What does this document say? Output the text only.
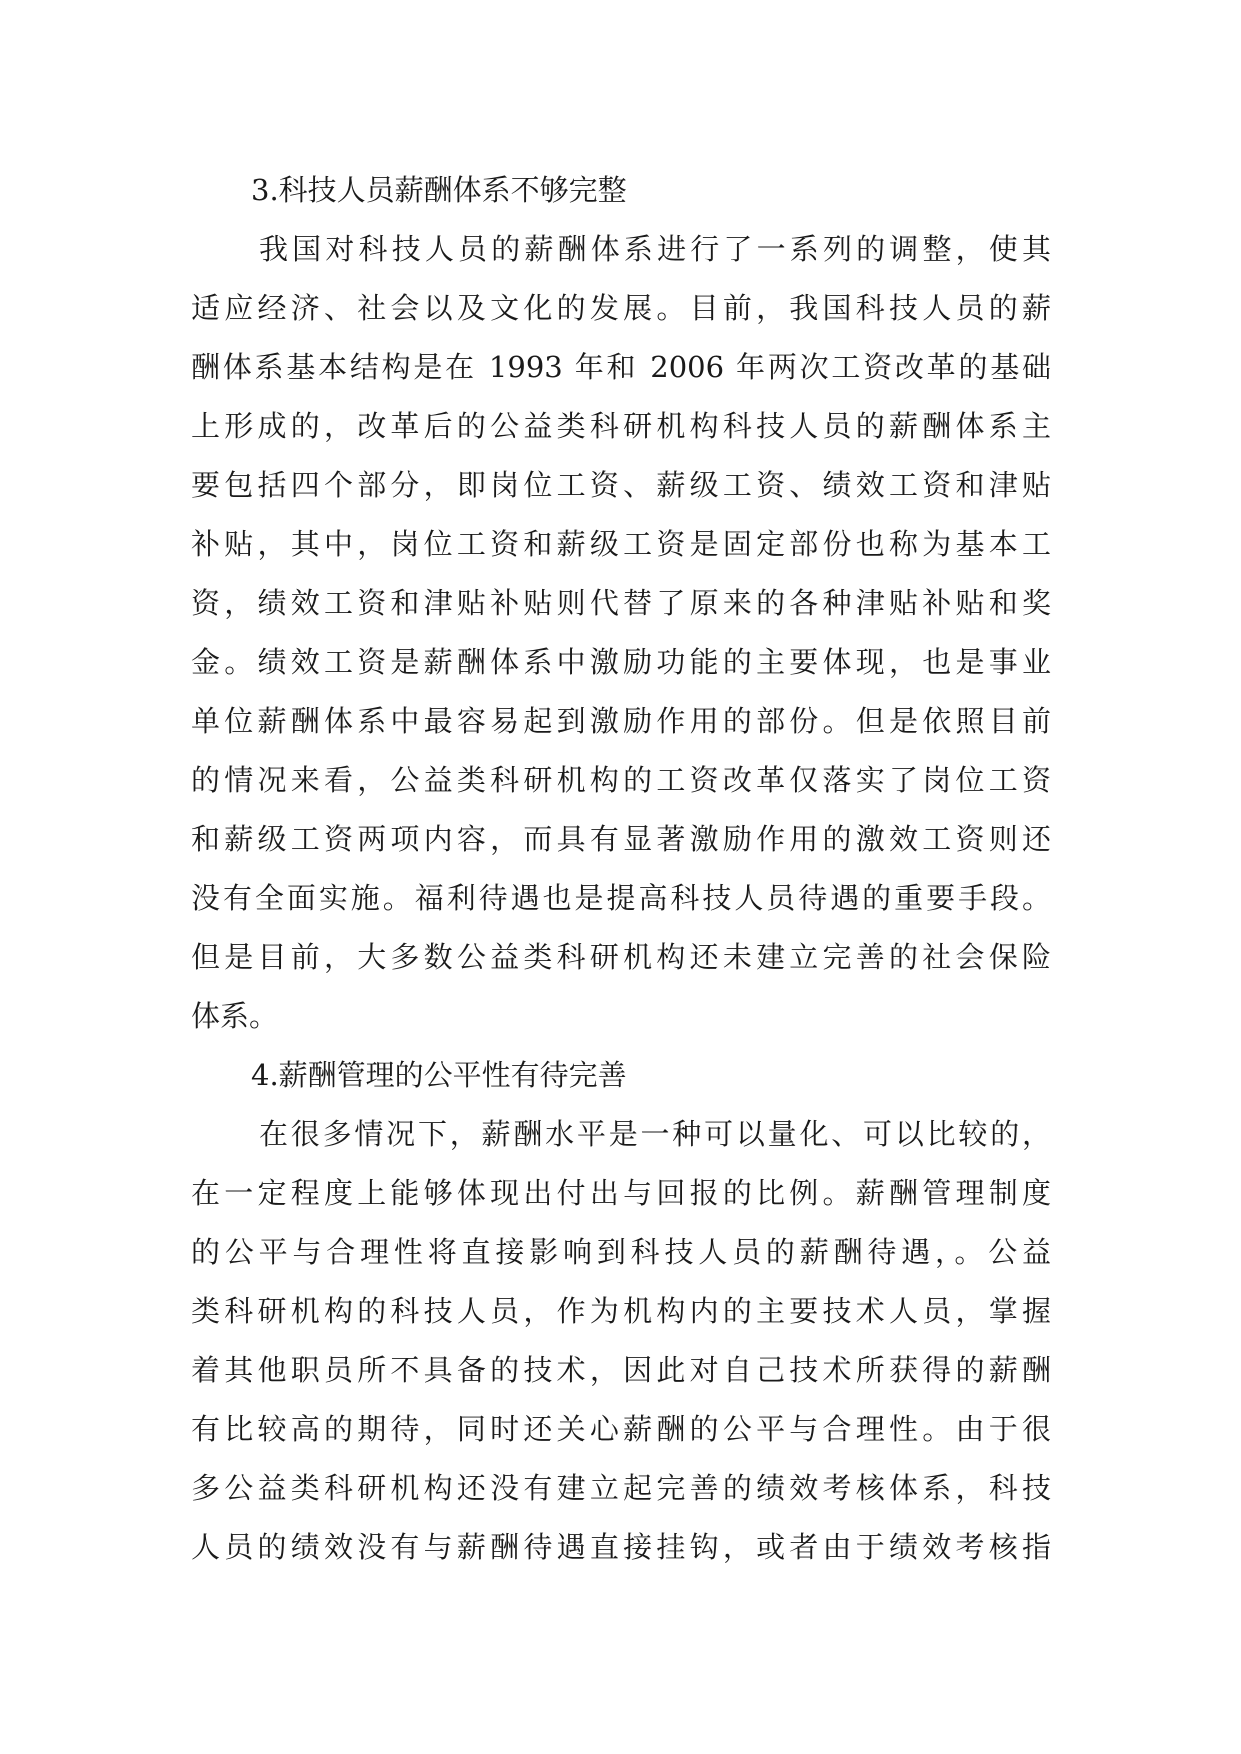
3.科技人员薪酬体系不够完整
我国对科技人员的薪酬体系进行了一系列的调整，使其
适应经济、社会以及文化的发展。目前，我国科技人员的薪
酬体系基本结构是在 1993 年和 2006 年两次工资改革的基础
上形成的，改革后的公益类科研机构科技人员的薪酬体系主
要包括四个部分，即岗位工资、薪级工资、绩效工资和津贴
补贴，其中，岗位工资和薪级工资是固定部份也称为基本工
资，绩效工资和津贴补贴则代替了原来的各种津贴补贴和奖
金。绩效工资是薪酬体系中激励功能的主要体现，也是事业
单位薪酬体系中最容易起到激励作用的部份。但是依照目前
的情况来看，公益类科研机构的工资改革仅落实了岗位工资
和薪级工资两项内容，而具有显著激励作用的激效工资则还
没有全面实施。福利待遇也是提高科技人员待遇的重要手段。
但是目前，大多数公益类科研机构还未建立完善的社会保险
体系。
4.薪酬管理的公平性有待完善
在很多情况下，薪酬水平是一种可以量化、可以比较的，
在一定程度上能够体现出付出与回报的比例。薪酬管理制度
的公平与合理性将直接影响到科技人员的薪酬待遇，。公益
类科研机构的科技人员，作为机构内的主要技术人员，掌握
着其他职员所不具备的技术，因此对自己技术所获得的薪酬
有比较高的期待，同时还关心薪酬的公平与合理性。由于很
多公益类科研机构还没有建立起完善的绩效考核体系，科技
人员的绩效没有与薪酬待遇直接挂钩，或者由于绩效考核指
